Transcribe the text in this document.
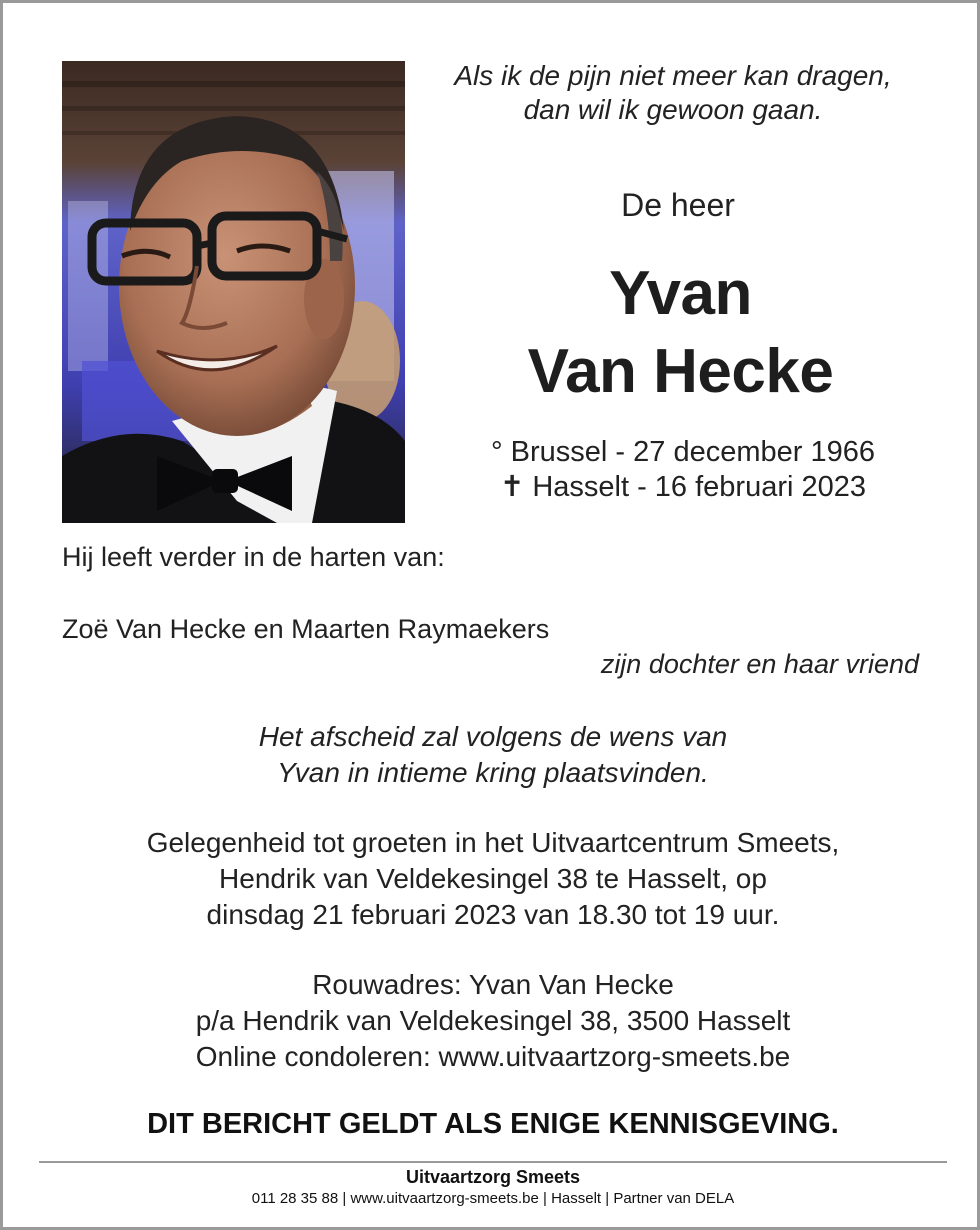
Als ik de pijn niet meer kan dragen,
dan wil ik gewoon gaan.
De heer
Yvan
Van Hecke
° Brussel - 27 december 1966
✝ Hasselt - 16 februari 2023
Hij leeft verder in de harten van:
Zoë Van Hecke en Maarten Raymaekers
zijn dochter en haar vriend
Het afscheid zal volgens de wens van
Yvan in intieme kring plaatsvinden.
Gelegenheid tot groeten in het Uitvaartcentrum Smeets,
Hendrik van Veldekesingel 38 te Hasselt, op
dinsdag 21 februari 2023 van 18.30 tot 19 uur.
Rouwadres: Yvan Van Hecke
p/a Hendrik van Veldekesingel 38, 3500 Hasselt
Online condoleren: www.uitvaartzorg-smeets.be
DIT BERICHT GELDT ALS ENIGE KENNISGEVING.
Uitvaartzorg Smeets
011 28 35 88 | www.uitvaartzorg-smeets.be | Hasselt | Partner van DELA
